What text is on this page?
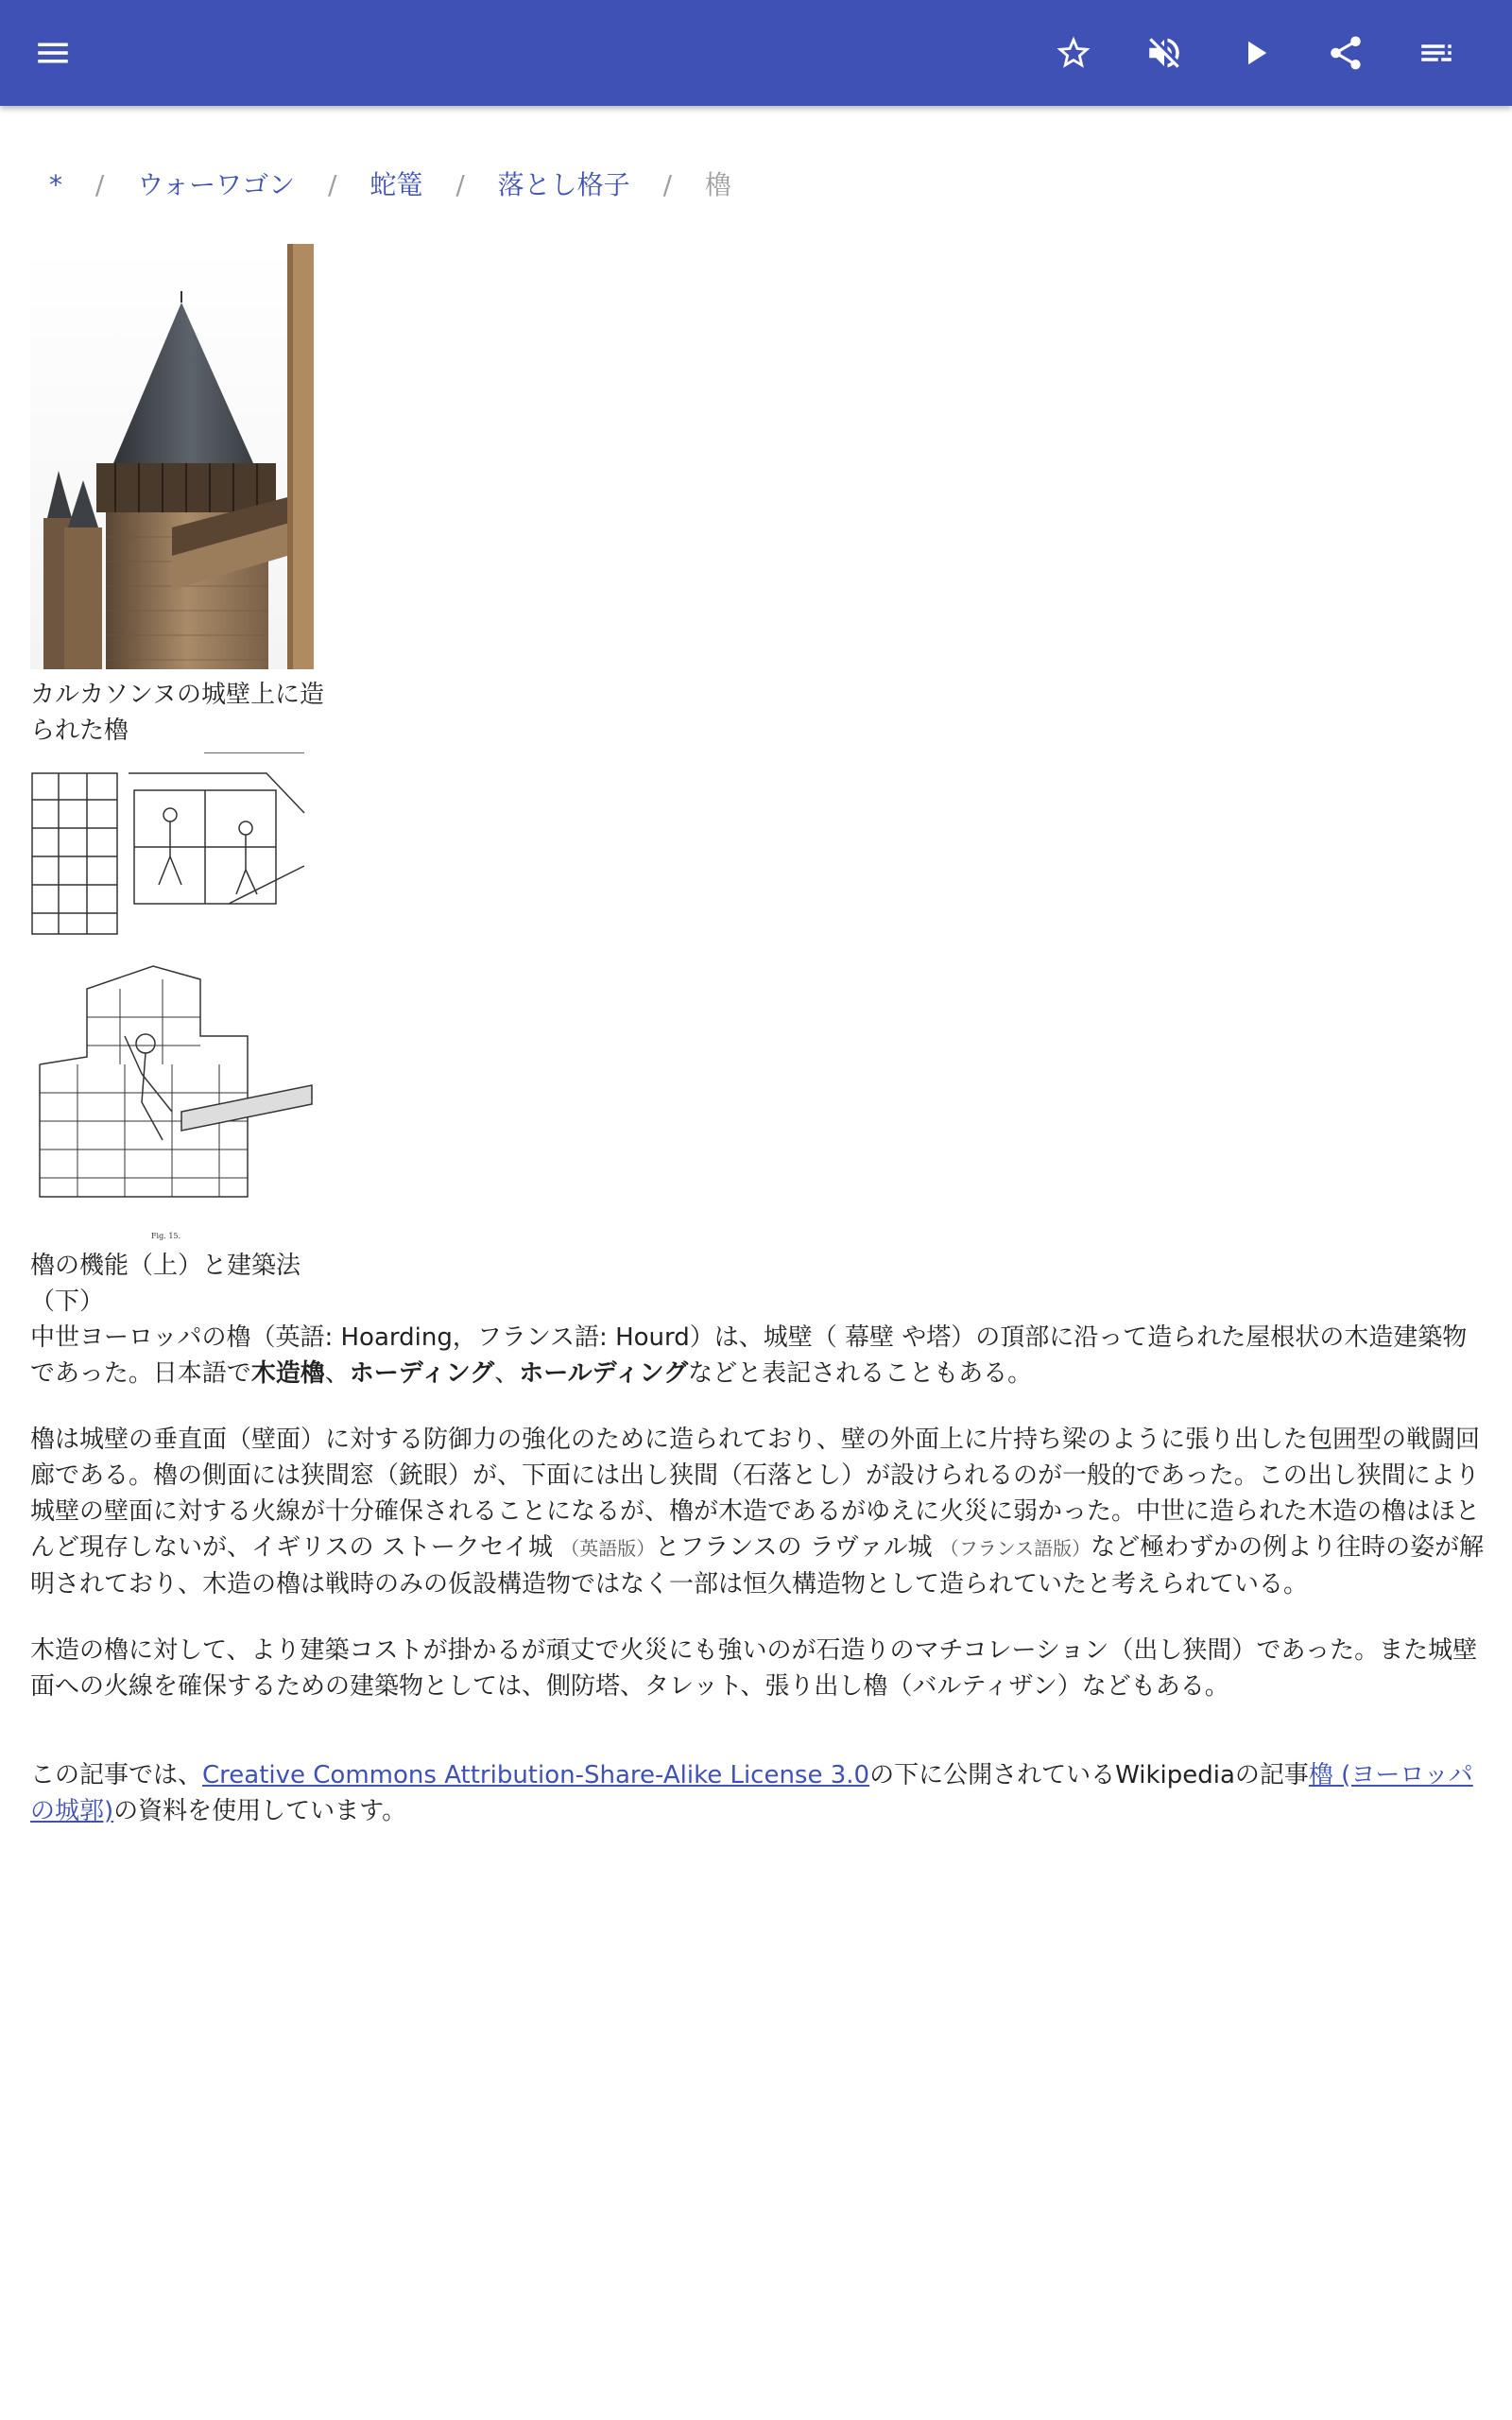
* / ウォーワゴン / 蛇篭 / 落とし格子 / 櫓
カルカソンヌの城壁上に造られた櫓
Fig. 15.
櫓の機能（上）と建築法（下）

中世ヨーロッパの櫓（英語: Hoarding，フランス語: Hourd）は、城壁（ 幕壁 や塔）の頂部に沿って造られた屋根状の木造建築物であった。日本語で木造櫓、ホーディング、ホールディングなどと表記されることもある。

櫓は城壁の垂直面（壁面）に対する防御力の強化のために造られており、壁の外面上に片持ち梁のように張り出した包囲型の戦闘回廊である。櫓の側面には狭間窓（銃眼）が、下面には出し狭間（石落とし）が設けられるのが一般的であった。この出し狭間により城壁の壁面に対する火線が十分確保されることになるが、櫓が木造であるがゆえに火災に弱かった。中世に造られた木造の櫓はほとんど現存しないが、イギリスの ストークセイ城 （英語版）とフランスの ラヴァル城 （フランス語版）など極わずかの例より往時の姿が解明されており、木造の櫓は戦時のみの仮設構造物ではなく一部は恒久構造物として造られていたと考えられている。

木造の櫓に対して、より建築コストが掛かるが頑丈で火災にも強いのが石造りのマチコレーション（出し狭間）であった。また城壁面への火線を確保するための建築物としては、側防塔、タレット、張り出し櫓（バルティザン）などもある。

この記事では、Creative Commons Attribution-Share-Alike License 3.0の下に公開されているWikipediaの記事櫓 (ヨーロッパの城郭)の資料を使用しています。
